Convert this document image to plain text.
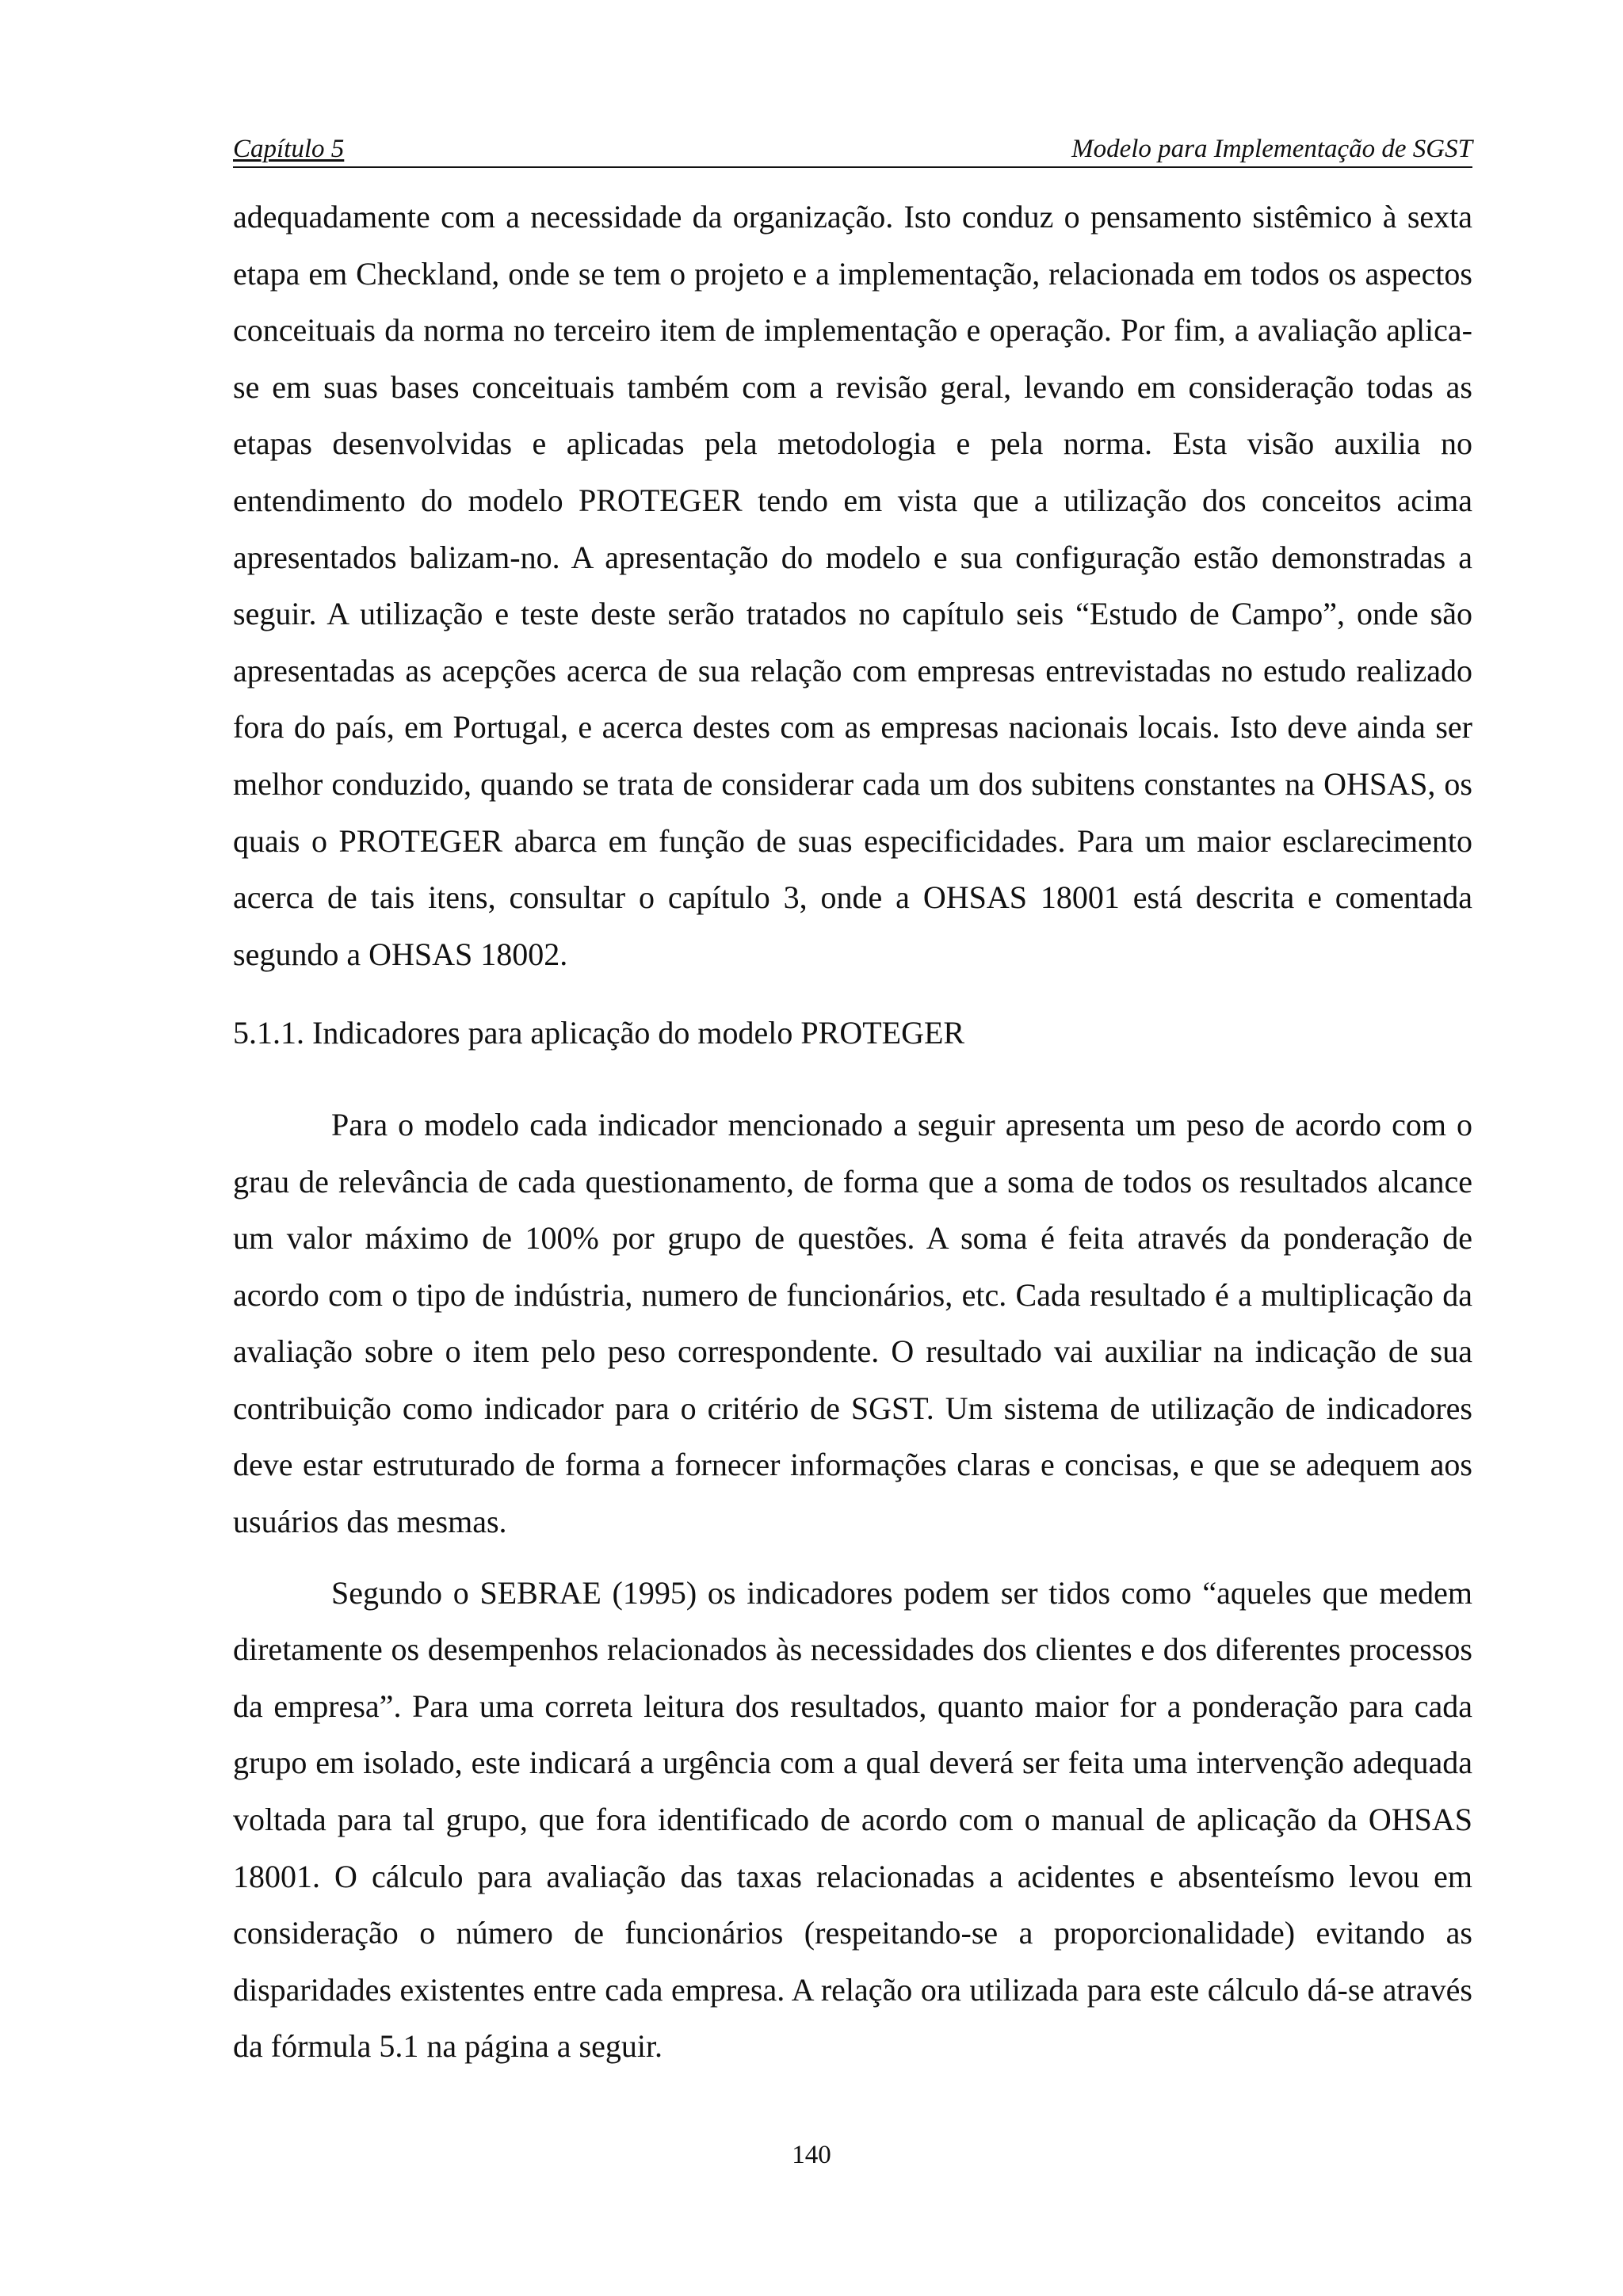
Capítulo 5	Modelo para Implementação de SGST

adequadamente com a necessidade da organização. Isto conduz o pensamento sistêmico à sexta etapa em Checkland, onde se tem o projeto e a implementação, relacionada em todos os aspectos conceituais da norma no terceiro item de implementação e operação. Por fim, a avaliação aplica-se em suas bases conceituais também com a revisão geral, levando em consideração todas as etapas desenvolvidas e aplicadas pela metodologia e pela norma. Esta visão auxilia no entendimento do modelo PROTEGER tendo em vista que a utilização dos conceitos acima apresentados balizam-no. A apresentação do modelo e sua configuração estão demonstradas a seguir. A utilização e teste deste serão tratados no capítulo seis “Estudo de Campo”, onde são apresentadas as acepções acerca de sua relação com empresas entrevistadas no estudo realizado fora do país, em Portugal, e acerca destes com as empresas nacionais locais. Isto deve ainda ser melhor conduzido, quando se trata de considerar cada um dos subitens constantes na OHSAS, os quais o PROTEGER abarca em função de suas especificidades. Para um maior esclarecimento acerca de tais itens, consultar o capítulo 3, onde a OHSAS 18001 está descrita e comentada segundo a OHSAS 18002.

5.1.1. Indicadores para aplicação do modelo PROTEGER

Para o modelo cada indicador mencionado a seguir apresenta um peso de acordo com o grau de relevância de cada questionamento, de forma que a soma de todos os resultados alcance um valor máximo de 100% por grupo de questões. A soma é feita através da ponderação de acordo com o tipo de indústria, numero de funcionários, etc. Cada resultado é a multiplicação da avaliação sobre o item pelo peso correspondente. O resultado vai auxiliar na indicação de sua contribuição como indicador para o critério de SGST. Um sistema de utilização de indicadores deve estar estruturado de forma a fornecer informações claras e concisas, e que se adequem aos usuários das mesmas.

Segundo o SEBRAE (1995) os indicadores podem ser tidos como “aqueles que medem diretamente os desempenhos relacionados às necessidades dos clientes e dos diferentes processos da empresa”. Para uma correta leitura dos resultados, quanto maior for a ponderação para cada grupo em isolado, este indicará a urgência com a qual deverá ser feita uma intervenção adequada voltada para tal grupo, que fora identificado de acordo com o manual de aplicação da OHSAS 18001. O cálculo para avaliação das taxas relacionadas a acidentes e absenteísmo levou em consideração o número de funcionários (respeitando-se a proporcionalidade) evitando as disparidades existentes entre cada empresa. A relação ora utilizada para este cálculo dá-se através da fórmula 5.1 na página a seguir.

140
